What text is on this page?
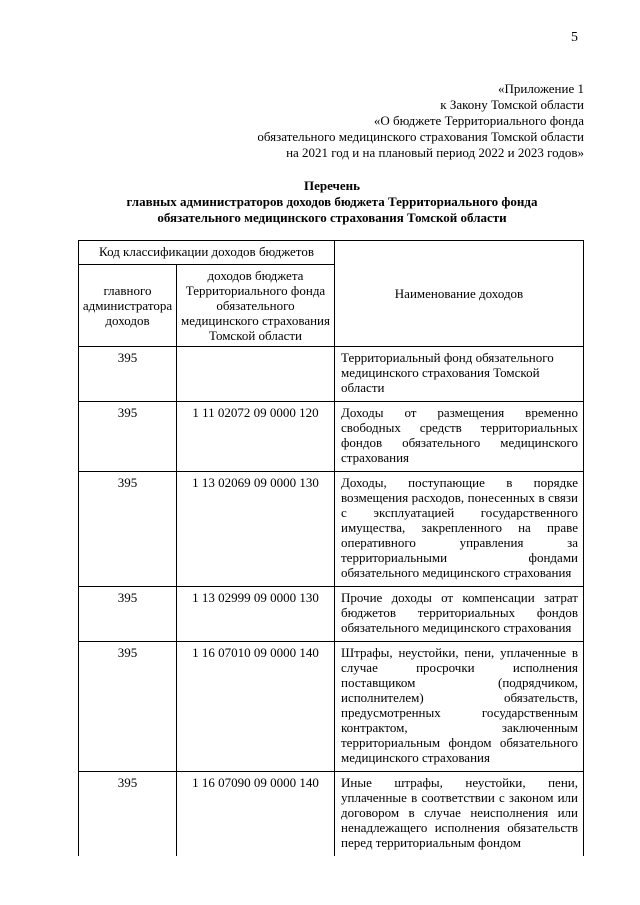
5
«Приложение 1
к Закону Томской области
«О бюджете Территориального фонда
обязательного медицинского страхования Томской области
на 2021 год и на плановый период 2022 и 2023 годов»
Перечень
главных администраторов доходов бюджета Территориального фонда
обязательного медицинского страхования Томской области
Код классификации доходов бюджетов		Наименование доходов
главного администратора доходов	доходов бюджета Территориального фонда обязательного медицинского страхования Томской области	
395		Территориальный фонд обязательного медицинского страхования Томской области
395	1 11 02072 09 0000 120	Доходы от размещения временно свободных средств территориальных фондов обязательного медицинского страхования
395	1 13 02069 09 0000 130	Доходы, поступающие в порядке возмещения расходов, понесенных в связи с эксплуатацией государственного имущества, закрепленного на праве оперативного управления за территориальными фондами обязательного медицинского страхования
395	1 13 02999 09 0000 130	Прочие доходы от компенсации затрат бюджетов территориальных фондов обязательного медицинского страхования
395	1 16 07010 09 0000 140	Штрафы, неустойки, пени, уплаченные в случае просрочки исполнения поставщиком (подрядчиком, исполнителем) обязательств, предусмотренных государственным контрактом, заключенным территориальным фондом обязательного медицинского страхования
395	1 16 07090 09 0000 140	Иные штрафы, неустойки, пени, уплаченные в соответствии с законом или договором в случае неисполнения или ненадлежащего исполнения обязательств перед территориальным фондом
